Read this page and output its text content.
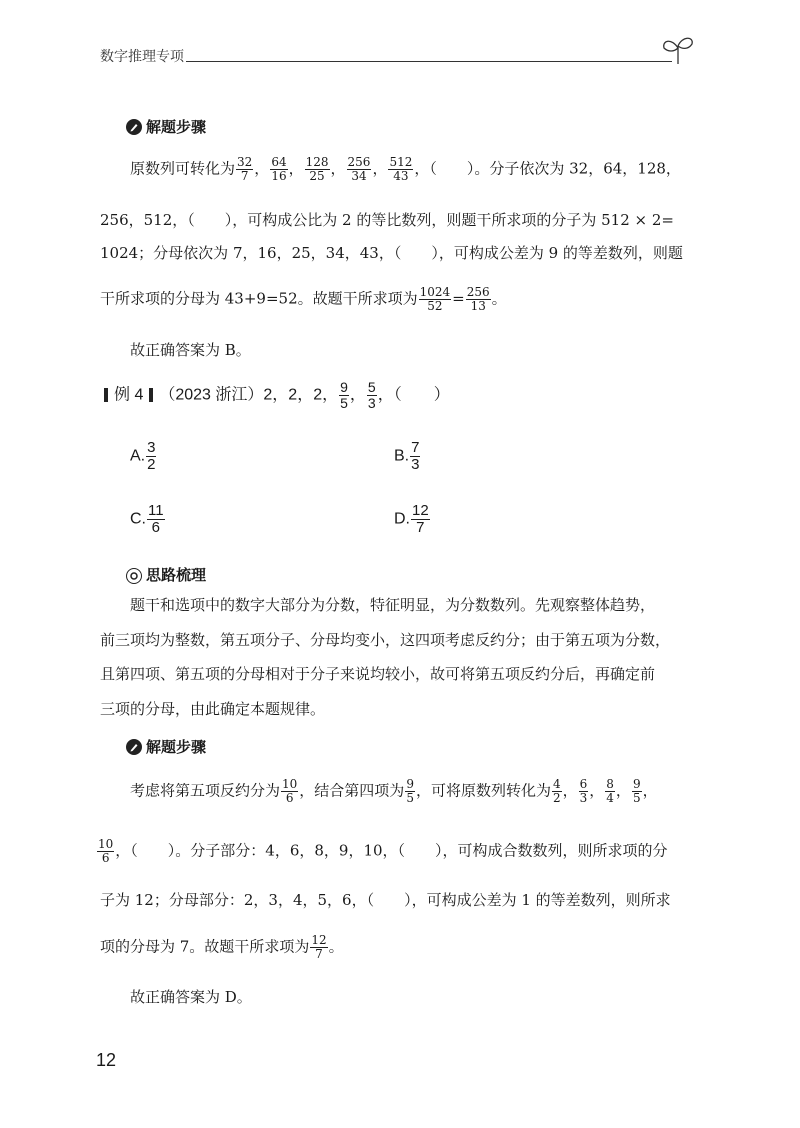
数字推理专项
解题步骤
原数列可转化为 $\frac{32}{7}$ ， $\frac{64}{16}$ ， $\frac{128}{25}$ ， $\frac{256}{34}$ ， $\frac{512}{43}$ ，（　　）。分子依次为 32，64，128，
256，512，（　　），可构成公比为 2 的等比数列，则题干所求项的分子为 512 × 2=
1024；分母依次为 7，16，25，34，43，（　　），可构成公差为 9 的等差数列，则题
干所求项的分母为 43+9=52。故题干所求项为 $\frac{1024}{52} = \frac{256}{13}$ 。
故正确答案为 B。
例 4 （2023 浙江）2，2，2， $\frac{9}{5}$ ， $\frac{5}{3}$ ，（　　）
A. $\frac{3}{2}$	B. $\frac{7}{3}$
C. $\frac{11}{6}$	D. $\frac{12}{7}$
思路梳理
题干和选项中的数字大部分为分数，特征明显，为分数数列。先观察整体趋势，
前三项均为整数，第五项分子、分母均变小，这四项考虑反约分；由于第五项为分数，
且第四项、第五项的分母相对于分子来说均较小，故可将第五项反约分后，再确定前
三项的分母，由此确定本题规律。
解题步骤
考虑将第五项反约分为 $\frac{10}{6}$ ，结合第四项为 $\frac{9}{5}$ ，可将原数列转化为 $\frac{4}{2}$ ， $\frac{6}{3}$ ， $\frac{8}{4}$ ， $\frac{9}{5}$ ，
$\frac{10}{6}$ ，（　　）。分子部分：4，6，8，9，10，（　　），可构成合数数列，则所求项的分
子为 12；分母部分：2，3，4，5，6，（　　），可构成公差为 1 的等差数列，则所求
项的分母为 7。故题干所求项为 $\frac{12}{7}$ 。
故正确答案为 D。
12
